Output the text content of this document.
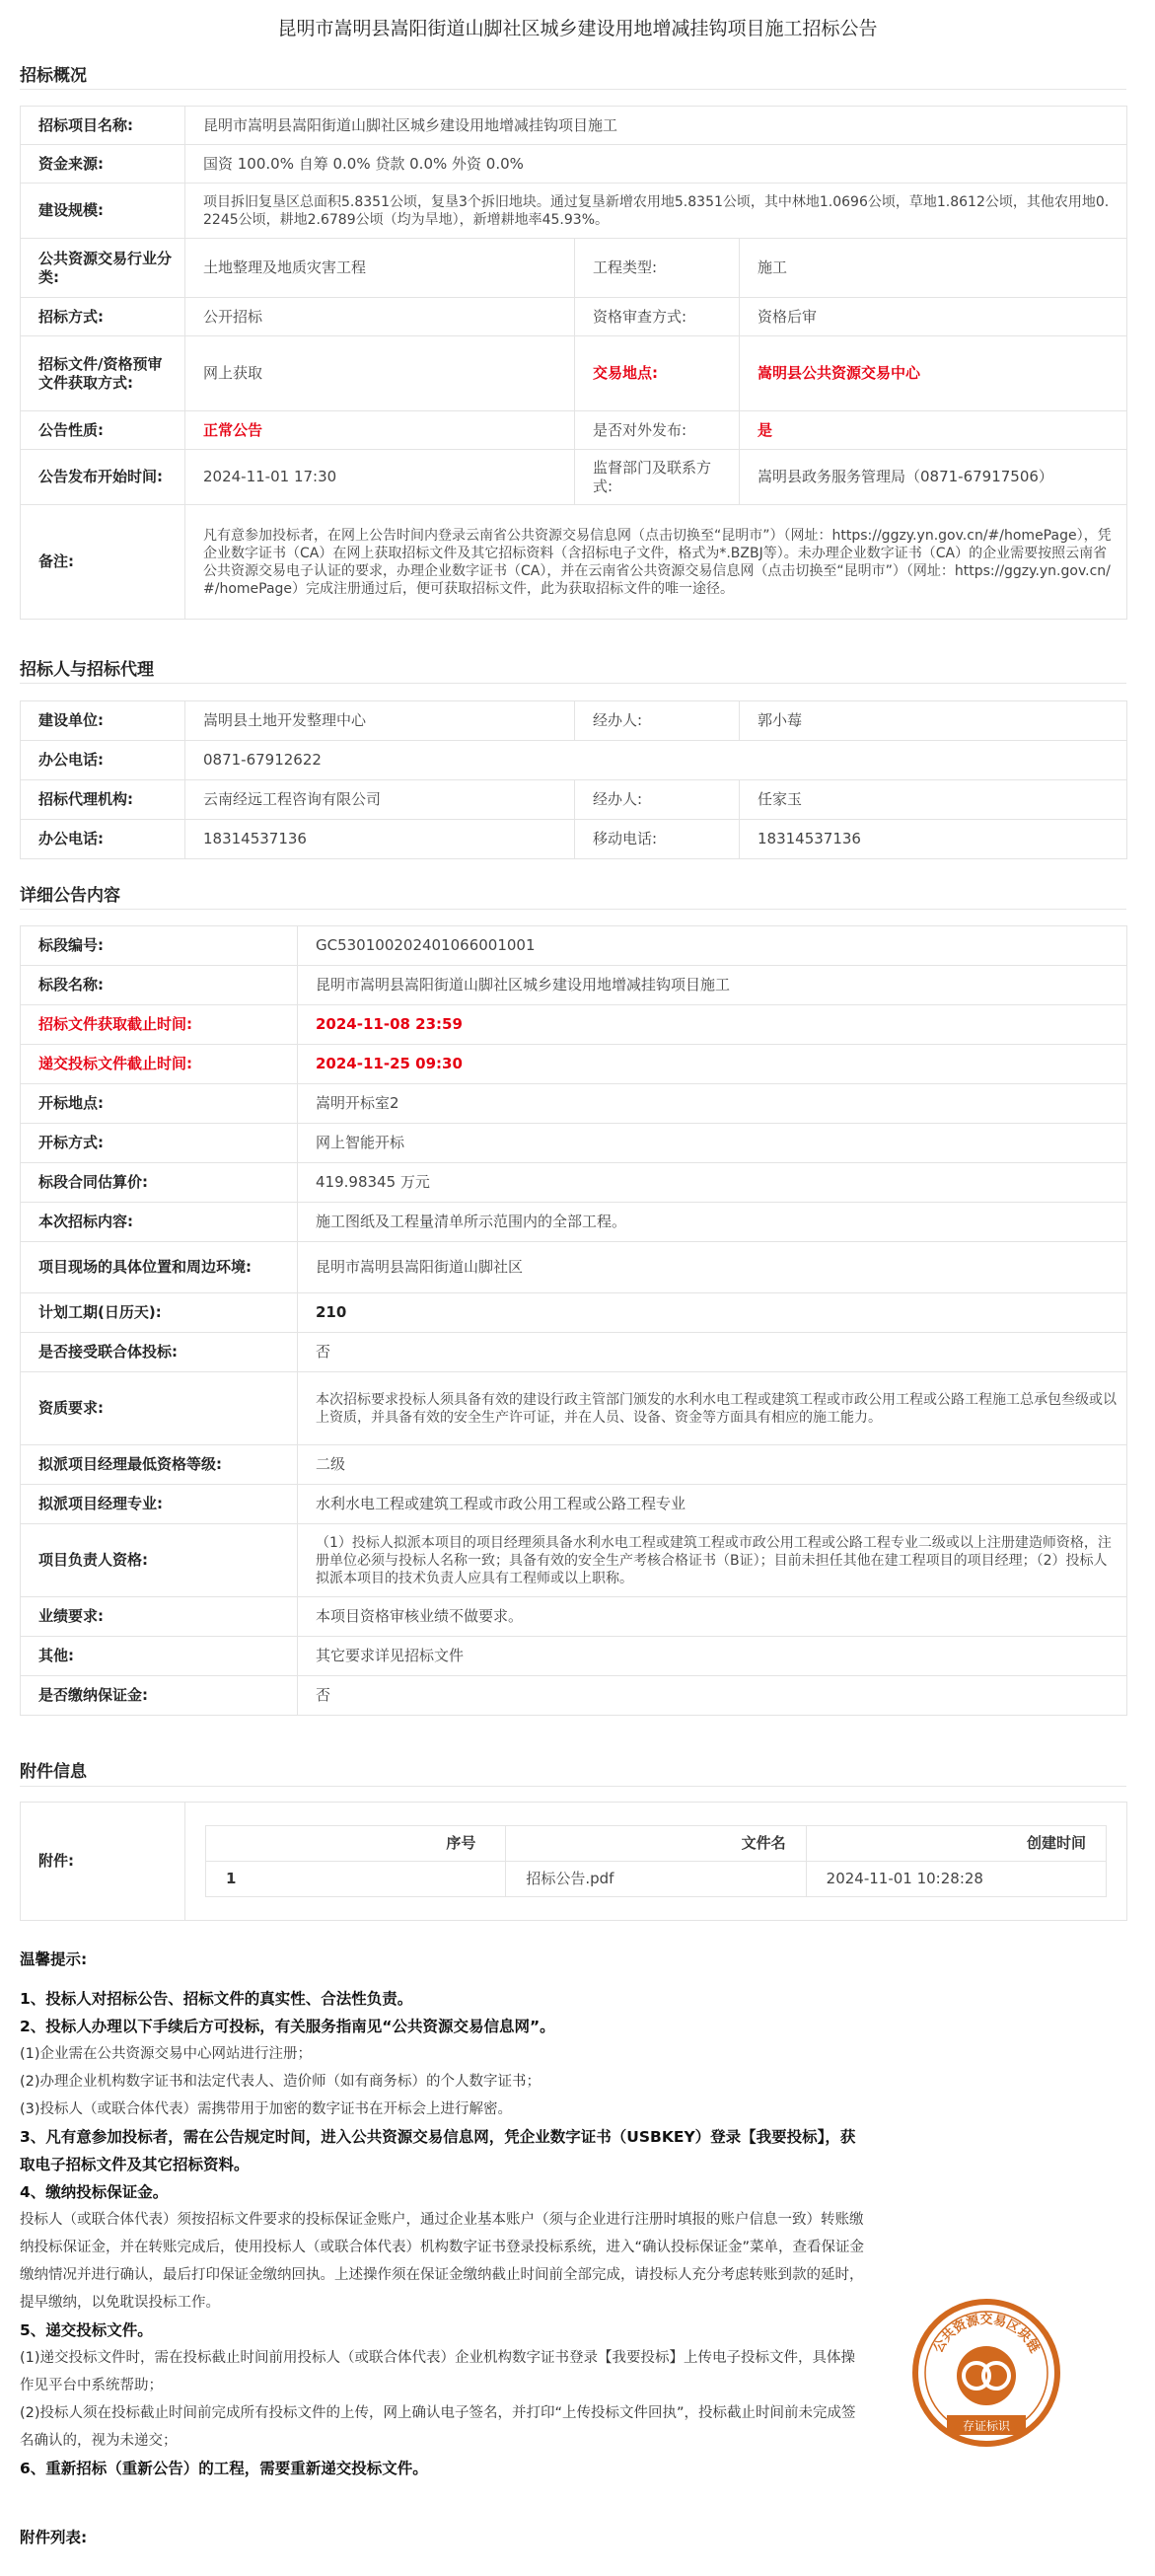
昆明市嵩明县嵩阳街道山脚社区城乡建设用地增减挂钩项目施工招标公告
招标概况
招标项目名称:	昆明市嵩明县嵩阳街道山脚社区城乡建设用地增减挂钩项目施工		
资金来源:	国资 100.0% 自筹 0.0% 贷款 0.0% 外资 0.0%		
建设规模:	项目拆旧复垦区总面积5.8351公顷，复垦3个拆旧地块。通过复垦新增农用地5.8351公顷，其中林地1.0696公顷，草地1.8612公顷，其他农用地0.2245公顷，耕地2.6789公顷（均为旱地），新增耕地率45.93%。		
公共资源交易行业分类:	土地整理及地质灾害工程	工程类型:	施工
招标方式:	公开招标	资格审查方式:	资格后审
招标文件/资格预审文件获取方式:	网上获取	交易地点:	嵩明县公共资源交易中心
公告性质:	正常公告	是否对外发布:	是
公告发布开始时间:	2024-11-01 17:30	监督部门及联系方式:	嵩明县政务服务管理局（0871-67917506）
备注:	凡有意参加投标者，在网上公告时间内登录云南省公共资源交易信息网（点击切换至“昆明市”）（网址：https://ggzy.yn.gov.cn/#/homePage），凭企业数字证书（CA）在网上获取招标文件及其它招标资料（含招标电子文件，格式为*.BZBJ等）。未办理企业数字证书（CA）的企业需要按照云南省公共资源交易电子认证的要求，办理企业数字证书（CA），并在云南省公共资源交易信息网（点击切换至“昆明市”）（网址：https://ggzy.yn.gov.cn/#/homePage）完成注册通过后，便可获取招标文件，此为获取招标文件的唯一途径。		
招标人与招标代理
建设单位:	嵩明县土地开发整理中心	经办人:	郭小莓
办公电话:	0871-67912622		
招标代理机构:	云南经远工程咨询有限公司	经办人:	任家玉
办公电话:	18314537136	移动电话:	18314537136
详细公告内容
标段编号:	GC5301002024010660010​01
标段名称:	昆明市嵩明县嵩阳街道山脚社区城乡建设用地增减挂钩项目施工
招标文件获取截止时间:	2024-11-08 23:59
递交投标文件截止时间:	2024-11-25 09:30
开标地点:	嵩明开标室2
开标方式:	网上智能开标
标段合同估算价:	419.98345 万元
本次招标内容:	施工图纸及工程量清单所示范围内的全部工程。
项目现场的具体位置和周边环境:	昆明市嵩明县嵩阳街道山脚社区
计划工期(日历天):	210
是否接受联合体投标:	否
资质要求:	本次招标要求投标人须具备有效的建设行政主管部门颁发的水利水电工程或建筑工程或市政公用工程或公路工程施工总承包叁级或以上资质，并具备有效的安全生产许可证，并在人员、设备、资金等方面具有相应的施工能力。
拟派项目经理最低资格等级:	二级
拟派项目经理专业:	水利水电工程或建筑工程或市政公用工程或公路工程专业
项目负责人资格:	（1）投标人拟派本项目的项目经理须具备水利水电工程或建筑工程或市政公用工程或公路工程专业二级或以上注册建造师资格，注册单位必须与投标人名称一致；具备有效的安全生产考核合格证书（B证）；目前未担任其他在建工程项目的项目经理；（2）投标人拟派本项目的技术负责人应具有工程师或以上职称。
业绩要求:	本项目资格审核业绩不做要求。
其他:	其它要求详见招标文件
是否缴纳保证金:	否
附件信息
附件:	
序号	文件名	创建时间
1	招标公告.pdf	2024-11-01 10:28:28

温馨提示:

1、投标人对招标公告、招标文件的真实性、合法性负责。

2、投标人办理以下手续后方可投标，有关服务指南见“公共资源交易信息网”。

(1)企业需在公共资源交易中心网站进行注册；

(2)办理企业机构数字证书和法定代表人、造价师（如有商务标）的个人数字证书；

(3)投标人（或联合体代表）需携带用于加密的数字证书在开标会上进行解密。

3、凡有意参加投标者，需在公告规定时间，进入公共资源交易信息网，凭企业数字证书（USBKEY）登录【我要投标】，获取电子招标文件及其它招标资料。

4、缴纳投标保证金。

投标人（或联合体代表）须按招标文件要求的投标保证金账户，通过企业基本账户（须与企业进行注册时填报的账户信息一致）转账缴纳投标保证金，并在转账完成后，使用投标人（或联合体代表）机构数字证书登录投标系统，进入“确认投标保证金”菜单，查看保证金缴纳情况并进行确认，最后打印保证金缴纳回执。上述操作须在保证金缴纳截止时间前全部完成，请投标人充分考虑转账到款的延时，提早缴纳，以免耽误投标工作。

5、递交投标文件。

(1)递交投标文件时，需在投标截止时间前用投标人（或联合体代表）企业机构数字证书登录【我要投标】上传电子投标文件，具体操作见平台中系统帮助；

(2)投标人须在投标截止时间前完成所有投标文件的上传，网上确认电子签名，并打印“上传投标文件回执”，投标截止时间前未完成签名确认的，视为未递交；

6、重新招标（重新公告）的工程，需要重新递交投标文件。

附件列表:

公共资源交易区块链
存证标识
